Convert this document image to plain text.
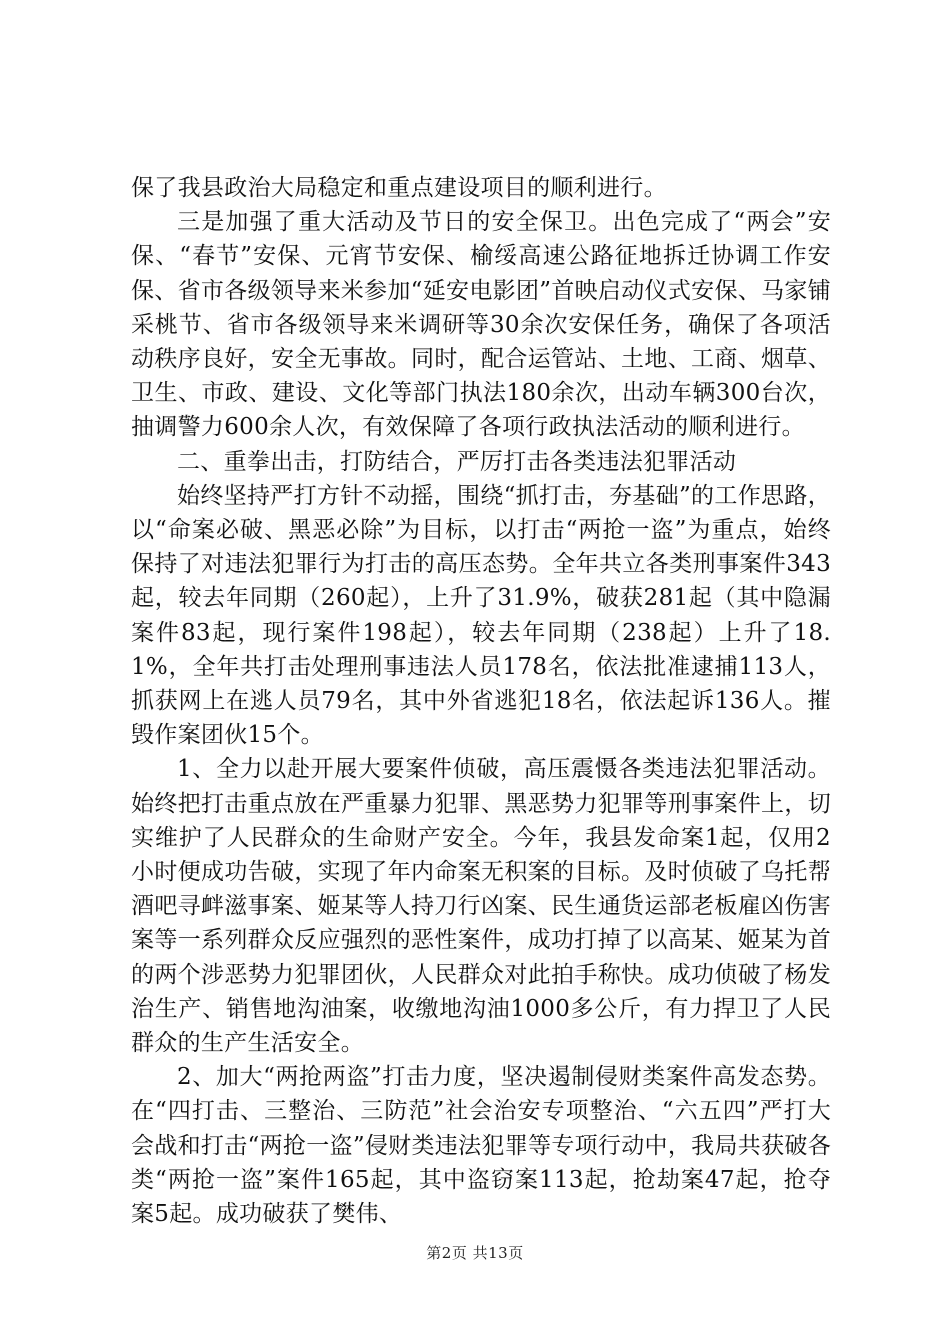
保了我县政治大局稳定和重点建设项目的顺利进行。

三是加强了重大活动及节日的安全保卫。出色完成了“两会”安保、“春节”安保、元宵节安保、榆绥高速公路征地拆迁协调工作安保、省市各级领导来米参加“延安电影团”首映启动仪式安保、马家铺采桃节、省市各级领导来米调研等30余次安保任务，确保了各项活动秩序良好，安全无事故。同时，配合运管站、土地、工商、烟草、卫生、市政、建设、文化等部门执法180余次，出动车辆300台次，抽调警力600余人次，有效保障了各项行政执法活动的顺利进行。

二、重拳出击，打防结合，严厉打击各类违法犯罪活动

始终坚持严打方针不动摇，围绕“抓打击，夯基础”的工作思路，以“命案必破、黑恶必除”为目标，以打击“两抢一盗”为重点，始终保持了对违法犯罪行为打击的高压态势。全年共立各类刑事案件343起，较去年同期（260起），上升了31.9%，破获281起（其中隐漏案件83起，现行案件198起），较去年同期（238起）上升了18.1%，全年共打击处理刑事违法人员178名，依法批准逮捕113人，抓获网上在逃人员79名，其中外省逃犯18名，依法起诉136人。摧毁作案团伙15个。

1、全力以赴开展大要案件侦破，高压震慑各类违法犯罪活动。始终把打击重点放在严重暴力犯罪、黑恶势力犯罪等刑事案件上，切实维护了人民群众的生命财产安全。今年，我县发命案1起，仅用2小时便成功告破，实现了年内命案无积案的目标。及时侦破了乌托帮酒吧寻衅滋事案、姬某等人持刀行凶案、民生通货运部老板雇凶伤害案等一系列群众反应强烈的恶性案件，成功打掉了以高某、姬某为首的两个涉恶势力犯罪团伙，人民群众对此拍手称快。成功侦破了杨发治生产、销售地沟油案，收缴地沟油1000多公斤，有力捍卫了人民群众的生产生活安全。

2、加大“两抢两盗”打击力度，坚决遏制侵财类案件高发态势。在“四打击、三整治、三防范”社会治安专项整治、“六五四”严打大会战和打击“两抢一盗”侵财类违法犯罪等专项行动中，我局共获破各类“两抢一盗”案件165起，其中盗窃案113起，抢劫案47起，抢夺案5起。成功破获了樊伟、

第2页 共13页
